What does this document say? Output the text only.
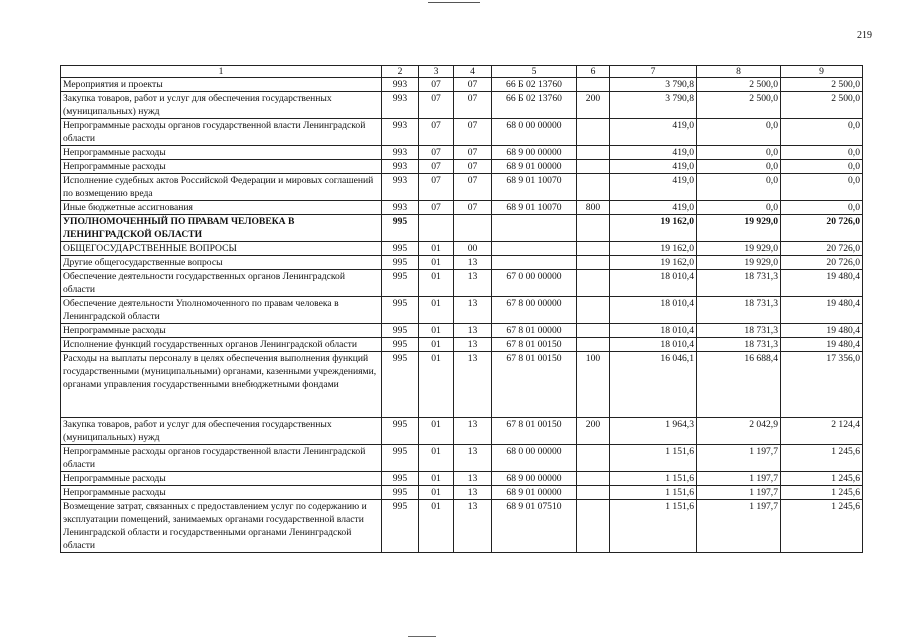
219
1	2	3	4	5	6	7	8	9
Мероприятия и проекты	993	07	07	66 Б 02 13760		3 790,8	2 500,0	2 500,0
Закупка товаров, работ и услуг для обеспечения государственных (муниципальных) нужд	993	07	07	66 Б 02 13760	200	3 790,8	2 500,0	2 500,0
Непрограммные расходы органов государственной власти Ленинградской области	993	07	07	68 0 00 00000		419,0	0,0	0,0
Непрограммные расходы	993	07	07	68 9 00 00000		419,0	0,0	0,0
Непрограммные расходы	993	07	07	68 9 01 00000		419,0	0,0	0,0
Исполнение судебных актов Российской Федерации и мировых соглашений по возмещению вреда	993	07	07	68 9 01 10070		419,0	0,0	0,0
Иные бюджетные ассигнования	993	07	07	68 9 01 10070	800	419,0	0,0	0,0
УПОЛНОМОЧЕННЫЙ ПО ПРАВАМ ЧЕЛОВЕКА В ЛЕНИНГРАДСКОЙ ОБЛАСТИ	995					19 162,0	19 929,0	20 726,0
ОБЩЕГОСУДАРСТВЕННЫЕ ВОПРОСЫ	995	01	00			19 162,0	19 929,0	20 726,0
Другие общегосударственные вопросы	995	01	13			19 162,0	19 929,0	20 726,0
Обеспечение деятельности государственных органов Ленинградской области	995	01	13	67 0 00 00000		18 010,4	18 731,3	19 480,4
Обеспечение деятельности Уполномоченного по правам человека в Ленинградской области	995	01	13	67 8 00 00000		18 010,4	18 731,3	19 480,4
Непрограммные расходы	995	01	13	67 8 01 00000		18 010,4	18 731,3	19 480,4
Исполнение функций государственных органов Ленинградской области	995	01	13	67 8 01 00150		18 010,4	18 731,3	19 480,4
Расходы на выплаты персоналу в целях обеспечения выполнения функций государственными (муниципальными) органами, казенными учреждениями, органами управления государственными внебюджетными фондами	995	01	13	67 8 01 00150	100	16 046,1	16 688,4	17 356,0
Закупка товаров, работ и услуг для обеспечения государственных (муниципальных) нужд	995	01	13	67 8 01 00150	200	1 964,3	2 042,9	2 124,4
Непрограммные расходы органов государственной власти Ленинградской области	995	01	13	68 0 00 00000		1 151,6	1 197,7	1 245,6
Непрограммные расходы	995	01	13	68 9 00 00000		1 151,6	1 197,7	1 245,6
Непрограммные расходы	995	01	13	68 9 01 00000		1 151,6	1 197,7	1 245,6
Возмещение затрат, связанных с предоставлением услуг по содержанию и эксплуатации помещений, занимаемых органами государственной власти Ленинградской области и государственными органами Ленинградской области	995	01	13	68 9 01 07510		1 151,6	1 197,7	1 245,6
